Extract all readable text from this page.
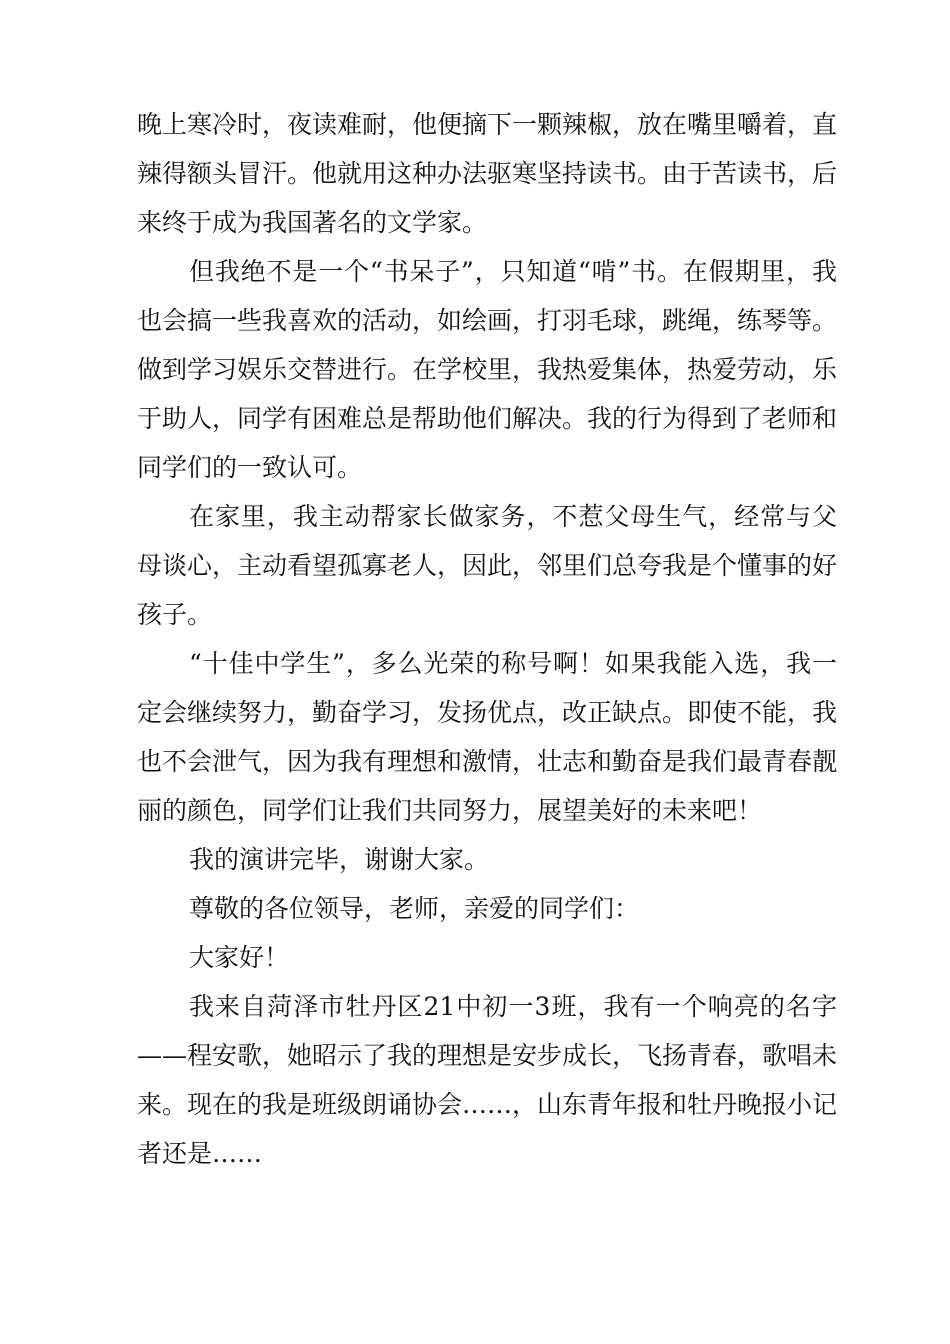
晚上寒冷时，夜读难耐，他便摘下一颗辣椒，放在嘴里嚼着，直辣得额头冒汗。他就用这种办法驱寒坚持读书。由于苦读书，后来终于成为我国著名的文学家。

但我绝不是一个“书呆子”，只知道“啃”书。在假期里，我也会搞一些我喜欢的活动，如绘画，打羽毛球，跳绳，练琴等。做到学习娱乐交替进行。在学校里，我热爱集体，热爱劳动，乐于助人，同学有困难总是帮助他们解决。我的行为得到了老师和同学们的一致认可。

在家里，我主动帮家长做家务，不惹父母生气，经常与父母谈心，主动看望孤寡老人，因此，邻里们总夸我是个懂事的好孩子。

“十佳中学生”，多么光荣的称号啊！如果我能入选，我一定会继续努力，勤奋学习，发扬优点，改正缺点。即使不能，我也不会泄气，因为我有理想和激情，壮志和勤奋是我们最青春靓丽的颜色，同学们让我们共同努力，展望美好的未来吧！

我的演讲完毕，谢谢大家。

尊敬的各位领导，老师，亲爱的同学们：

大家好！

我来自菏泽市牡丹区21中初一3班，我有一个响亮的名字——程安歌，她昭示了我的理想是安步成长，飞扬青春，歌唱未来。现在的我是班级朗诵协会……，山东青年报和牡丹晚报小记者还是……
